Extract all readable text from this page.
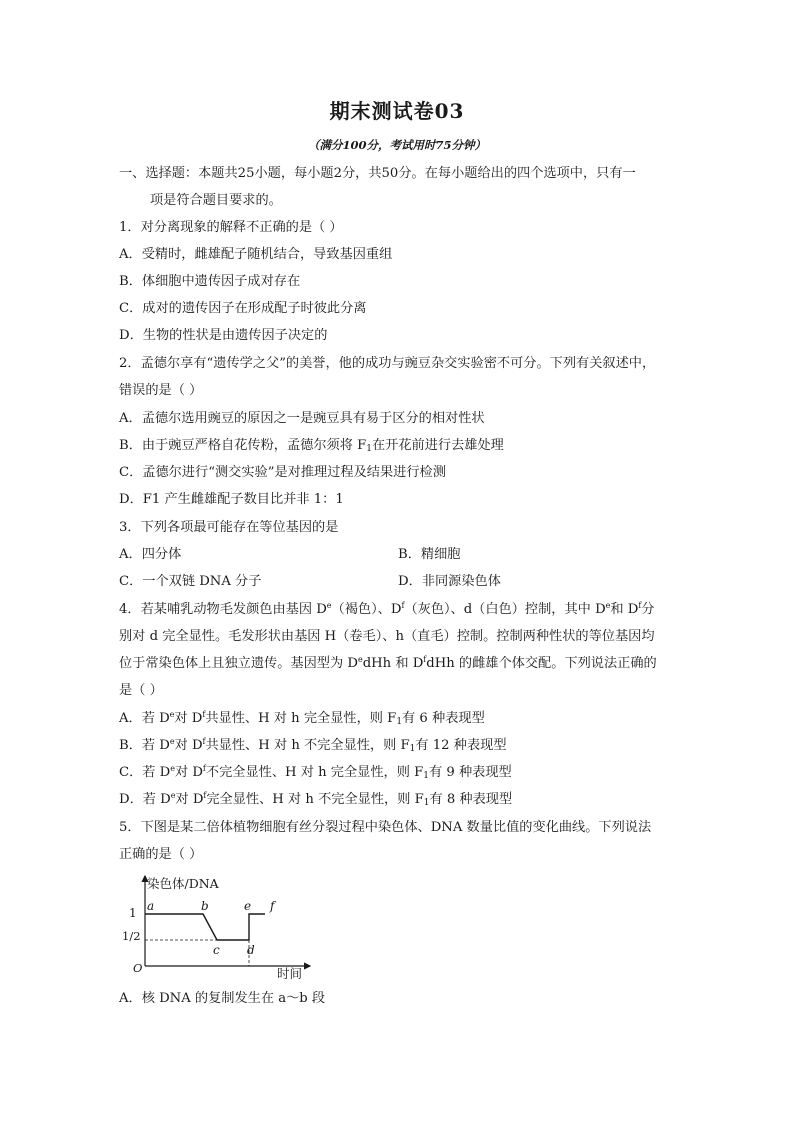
期末测试卷03
（满分100分，考试用时75分钟）
一、选择题：本题共25小题，每小题2分，共50分。在每小题给出的四个选项中，只有一
项是符合题目要求的。
1．对分离现象的解释不正确的是（ ）
A．受精时，雌雄配子随机结合，导致基因重组
B．体细胞中遗传因子成对存在
C．成对的遗传因子在形成配子时彼此分离
D．生物的性状是由遗传因子决定的
2．孟德尔享有“遗传学之父”的美誉，他的成功与豌豆杂交实验密不可分。下列有关叙述中，
错误的是（ ）
A．孟德尔选用豌豆的原因之一是豌豆具有易于区分的相对性状
B．由于豌豆严格自花传粉，孟德尔须将 $F_1$在开花前进行去雄处理
C．孟德尔进行“测交实验”是对推理过程及结果进行检测
D．F1 产生雌雄配子数目比并非 1：1
3．下列各项最可能存在等位基因的是
A．四分体	B．精细胞
C．一个双链 DNA 分子	D．非同源染色体
4．若某哺乳动物毛发颜色由基因 De（褐色）、$D^f$（灰色）、d（白色）控制，其中 De和 $D^f$分
别对 d 完全显性。毛发形状由基因 H（卷毛）、h（直毛）控制。控制两种性状的等位基因均
位于常染色体上且独立遗传。基因型为 DedHh 和 $D^fdHh$ 的雌雄个体交配。下列说法正确的
是（ ）
A．若 De对 $D^f$共显性、H 对 h 完全显性，则 $F_1$有 6 种表现型
B．若 De对 $D^f$共显性、H 对 h 不完全显性，则 $F_1$有 12 种表现型
C．若 De对 $D^f$不完全显性、H 对 h 完全显性，则 $F_1$有 9 种表现型
D．若 De对 $D^f$完全显性、H 对 h 不完全显性，则 $F_1$有 8 种表现型
5．下图是某二倍体植物细胞有丝分裂过程中染色体、DNA 数量比值的变化曲线。下列说法
正确的是（ ）
a	b
c d
e f
染色体/DNA
时间
O
1
1/2
A．核 DNA 的复制发生在 a～b 段
